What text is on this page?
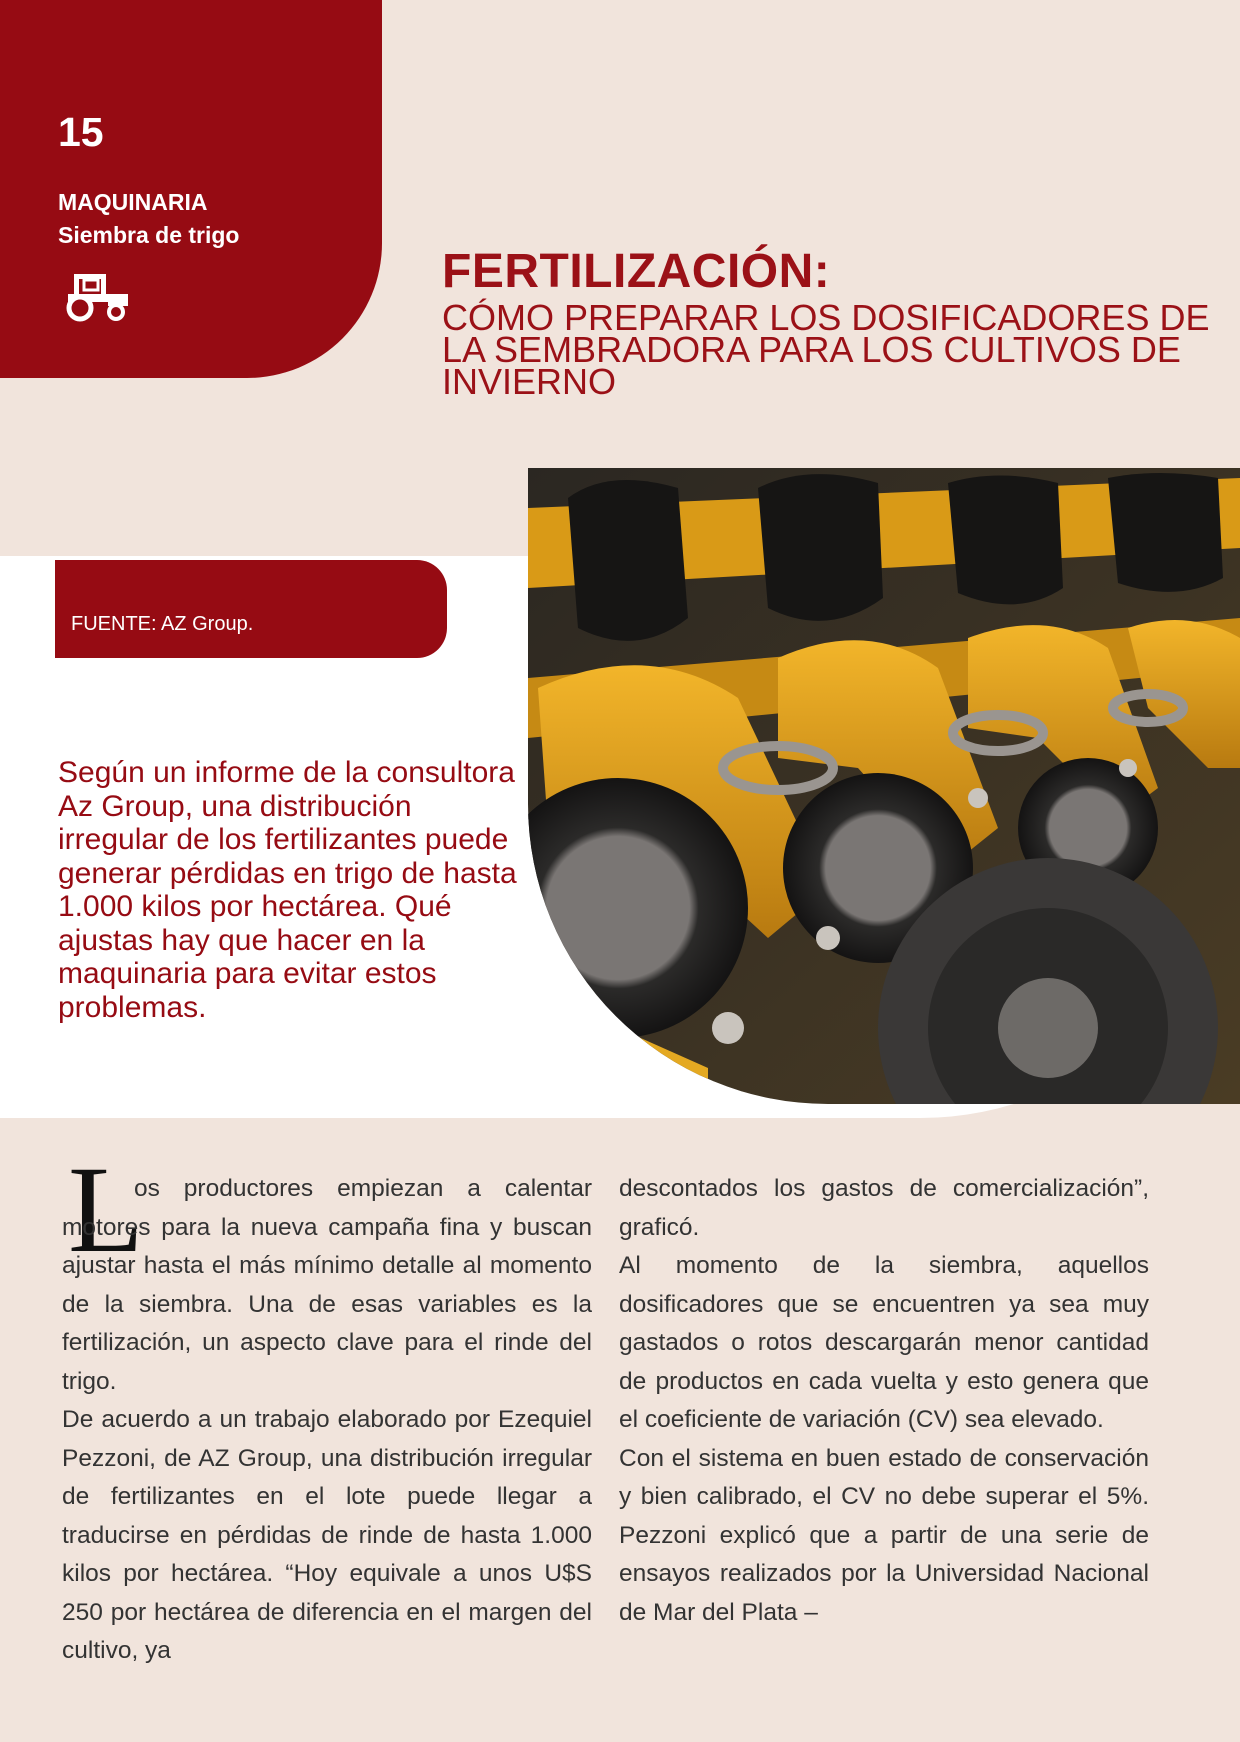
15
MAQUINARIA
Siembra de trigo
FERTILIZACIÓN:
CÓMO PREPARAR LOS DOSIFICADORES DE LA SEMBRADORA PARA LOS CULTIVOS DE INVIERNO
FUENTE: AZ Group.

Según un informe de la consultora Az Group, una distribución irregular de los fertilizantes puede generar pérdidas en trigo de hasta 1.000 kilos por hectárea. Qué ajustas hay que hacer en la maquinaria para evitar estos problemas.

L

os productores empiezan a calentar motores para la nueva campaña fina y buscan ajustar hasta el más mínimo detalle al momento de la siembra. Una de esas variables es la fertilización, un aspecto clave para el rinde del trigo.

De acuerdo a un trabajo elaborado por Ezequiel Pezzoni, de AZ Group, una distribución irregular de fertilizantes en el lote puede llegar a traducirse en pérdidas de rinde de hasta 1.000 kilos por hectárea. “Hoy equivale a unos U$S 250 por hectárea de diferencia en el margen del cultivo, ya

descontados los gastos de comercialización”, graficó.

Al momento de la siembra, aquellos dosificadores que se encuentren ya sea muy gastados o rotos descargarán menor cantidad de productos en cada vuelta y esto genera que el coeficiente de variación (CV) sea elevado.

Con el sistema en buen estado de conservación y bien calibrado, el CV no debe superar el 5%. Pezzoni explicó que a partir de una serie de ensayos realizados por la Universidad Nacional de Mar del Plata –
